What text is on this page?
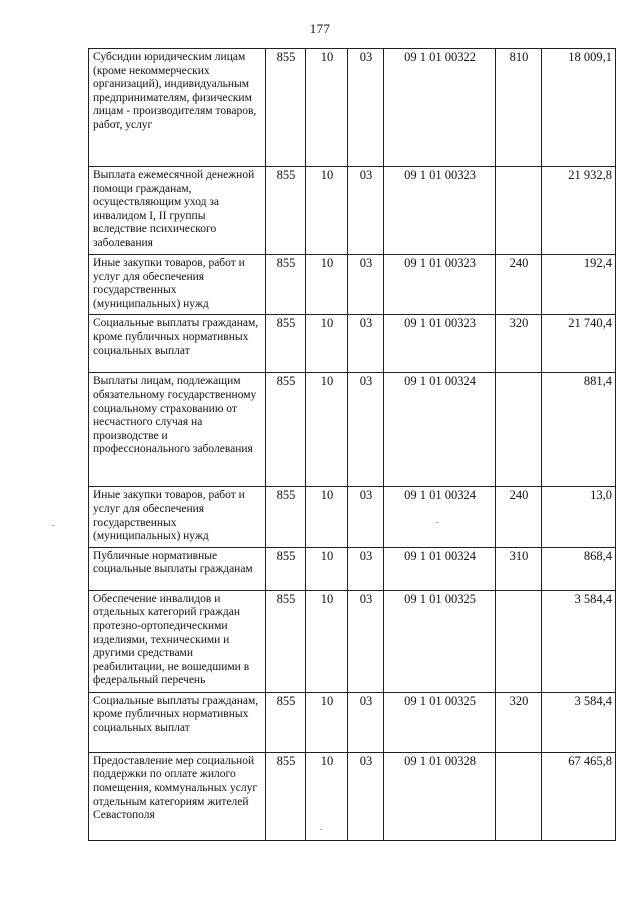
177
Субсидии юридическим лицам (кроме некоммерческих организаций), индивидуальным предпринимателям, физическим лицам - производителям товаров, работ, услуг	855	10	03	09 1 01 00322	810	18 009,1
Выплата ежемесячной денежной помощи гражданам, осуществляющим уход за инвалидом I, II группы вследствие психического заболевания	855	10	03	09 1 01 00323		21 932,8
Иные закупки товаров, работ и услуг для обеспечения государственных (муниципальных) нужд	855	10	03	09 1 01 00323	240	192,4
Социальные выплаты гражданам, кроме публичных нормативных социальных выплат	855	10	03	09 1 01 00323	320	21 740,4
Выплаты лицам, подлежащим обязательному государственному социальному страхованию от несчастного случая на производстве и профессионального заболевания	855	10	03	09 1 01 00324		881,4
Иные закупки товаров, работ и услуг для обеспечения государственных (муниципальных) нужд	855	10	03	09 1 01 00324	240	13,0
Публичные нормативные социальные выплаты гражданам	855	10	03	09 1 01 00324	310	868,4
Обеспечение инвалидов и отдельных категорий граждан протезно-ортопедическими изделиями, техническими и другими средствами реабилитации, не вошедшими в федеральный перечень	855	10	03	09 1 01 00325		3 584,4
Социальные выплаты гражданам, кроме публичных нормативных социальных выплат	855	10	03	09 1 01 00325	320	3 584,4
Предоставление мер социальной поддержки по оплате жилого помещения, коммунальных услуг отдельным категориям жителей Севастополя	855	10	03	09 1 01 00328		67 465,8
